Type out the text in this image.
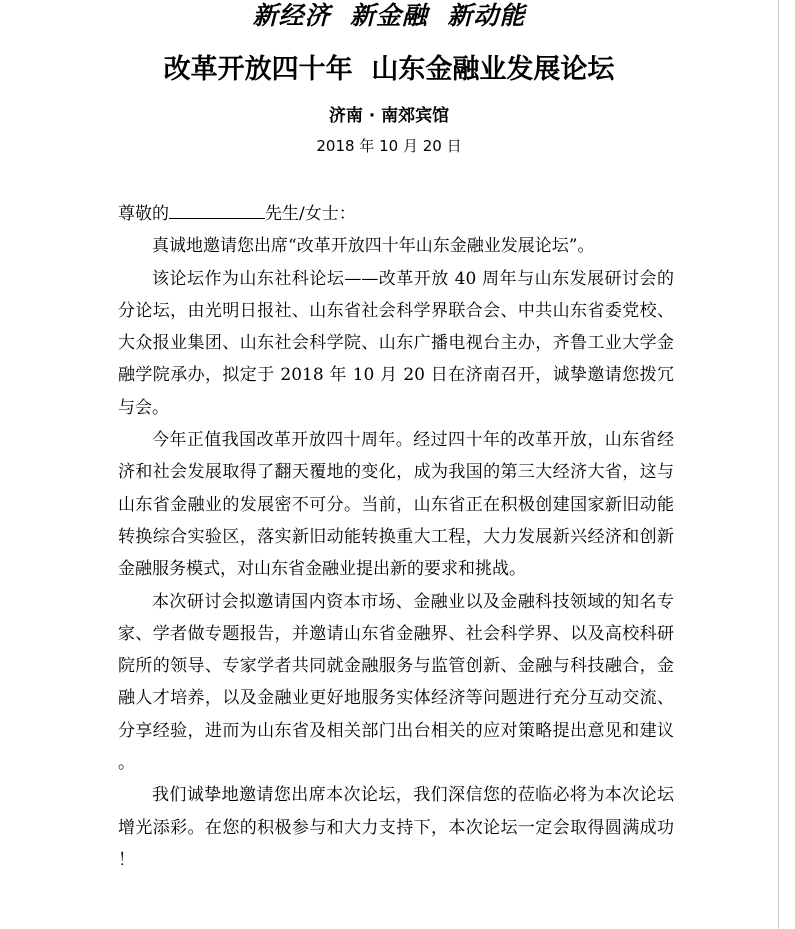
新经济  新金融  新动能
改革开放四十年  山东金融业发展论坛
济南 · 南郊宾馆
2018 年 10 月 20 日

尊敬的	先生/女士：

真诚地邀请您出席“改革开放四十年山东金融业发展论坛”。

该论坛作为山东社科论坛——改革开放 40 周年与山东发展研讨会的分论坛，由光明日报社、山东省社会科学界联合会、中共山东省委党校、大众报业集团、山东社会科学院、山东广播电视台主办，齐鲁工业大学金融学院承办，拟定于 2018 年 10 月 20 日在济南召开，诚挚邀请您拨冗与会。

今年正值我国改革开放四十周年。经过四十年的改革开放，山东省经济和社会发展取得了翻天覆地的变化，成为我国的第三大经济大省，这与山东省金融业的发展密不可分。当前，山东省正在积极创建国家新旧动能转换综合实验区，落实新旧动能转换重大工程，大力发展新兴经济和创新金融服务模式，对山东省金融业提出新的要求和挑战。

本次研讨会拟邀请国内资本市场、金融业以及金融科技领域的知名专家、学者做专题报告，并邀请山东省金融界、社会科学界、以及高校科研院所的领导、专家学者共同就金融服务与监管创新、金融与科技融合，金融人才培养，以及金融业更好地服务实体经济等问题进行充分互动交流、分享经验，进而为山东省及相关部门出台相关的应对策略提出意见和建议。

我们诚挚地邀请您出席本次论坛，我们深信您的莅临必将为本次论坛增光添彩。在您的积极参与和大力支持下，本次论坛一定会取得圆满成功！
